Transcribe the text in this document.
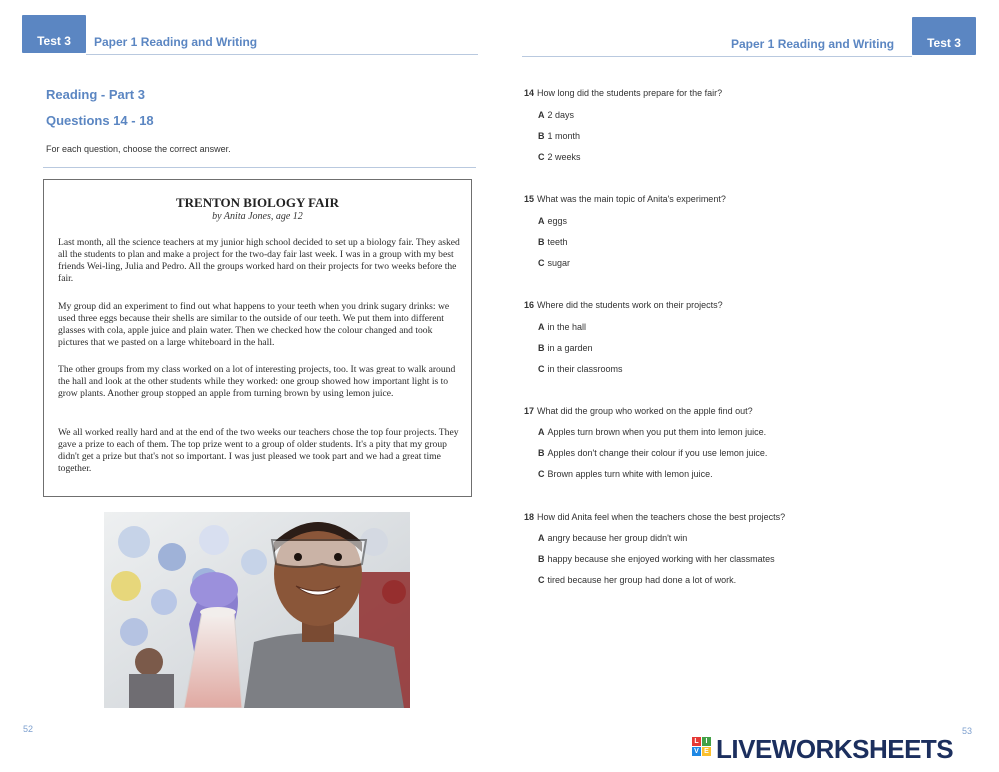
Test 3	Paper 1 Reading and Writing	Paper 1 Reading and Writing	Test 3
Reading - Part 3
Questions 14 - 18
For each question, choose the correct answer.
TRENTON BIOLOGY FAIR
by Anita Jones, age 12

Last month, all the science teachers at my junior high school decided to set up a biology fair. They asked all the students to plan and make a project for the two-day fair last week. I was in a group with my best friends Wei-ling, Julia and Pedro. All the groups worked hard on their projects for two weeks before the fair.

My group did an experiment to find out what happens to your teeth when you drink sugary drinks: we used three eggs because their shells are similar to the outside of our teeth. We put them into different glasses with cola, apple juice and plain water. Then we checked how the colour changed and took pictures that we pasted on a large whiteboard in the hall.

The other groups from my class worked on a lot of interesting projects, too. It was great to walk around the hall and look at the other students while they worked: one group showed how important light is to grow plants. Another group stopped an apple from turning brown by using lemon juice.

We all worked really hard and at the end of the two weeks our teachers chose the top four projects. They gave a prize to each of them. The top prize went to a group of older students. It's a pity that my group didn't get a prize but that's not so important. I was just pleased we took part and we had a great time together.

14 How long did the students prepare for the fair?
A 2 days
B 1 month
C 2 weeks
15 What was the main topic of Anita's experiment?
A eggs
B teeth
C sugar
16 Where did the students work on their projects?
A in the hall
B in a garden
C in their classrooms
17 What did the group who worked on the apple find out?
A Apples turn brown when you put them into lemon juice.
B Apples don't change their colour if you use lemon juice.
C Brown apples turn white with lemon juice.
18 How did Anita feel when the teachers chose the best projects?
A angry because her group didn't win
B happy because she enjoyed working with her classmates
C tired because her group had done a lot of work.
52	53
L I
V E LIVEWORKSHEETS
